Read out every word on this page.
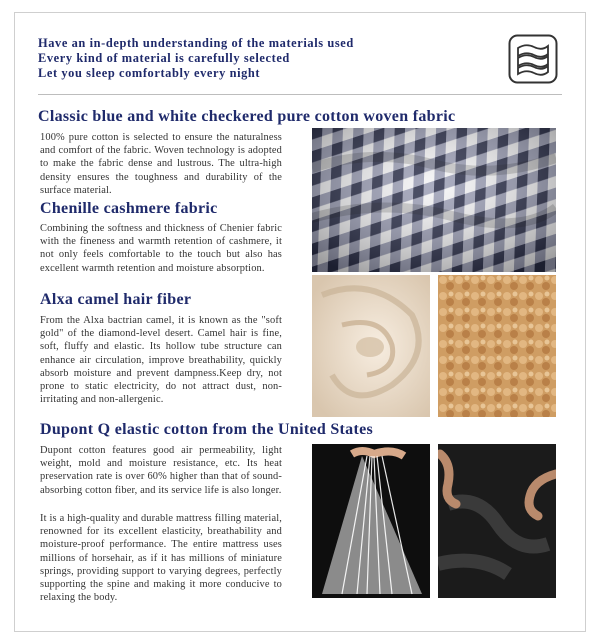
Have an in-depth understanding of the materials used
Every kind of material is carefully selected
Let you sleep comfortably every night
Classic blue and white checkered pure cotton woven fabric

100% pure cotton is selected to ensure the naturalness and comfort of the fabric. Woven technology is adopted to make the fabric dense and lustrous. The ultra-high density ensures the toughness and durability of the surface material.

Chenille cashmere fabric

Combining the softness and thickness of Chenier fabric with the fineness and warmth retention of cashmere, it not only feels comfortable to the touch but also has excellent warmth retention and moisture absorption.

Alxa camel hair fiber

From the Alxa bactrian camel, it is known as the "soft gold" of the diamond-level desert. Camel hair is fine, soft, fluffy and elastic. Its hollow tube structure can enhance air circulation, improve breathability, quickly absorb moisture and prevent dampness.Keep dry, not prone to static electricity, do not attract dust, non-irritating and non-allergenic.

Dupont Q elastic cotton from the United States

Dupont cotton features good air permeability, light weight, mold and moisture resistance, etc. Its heat preservation rate is over 60% higher than that of sound-absorbing cotton fiber, and its service life is also longer.

It is a high-quality and durable mattress filling material, renowned for its excellent elasticity, breathability and moisture-proof performance. The entire mattress uses millions of horsehair, as if it has millions of miniature springs, providing support to varying degrees, perfectly supporting the spine and making it more conducive to relaxing the body.
